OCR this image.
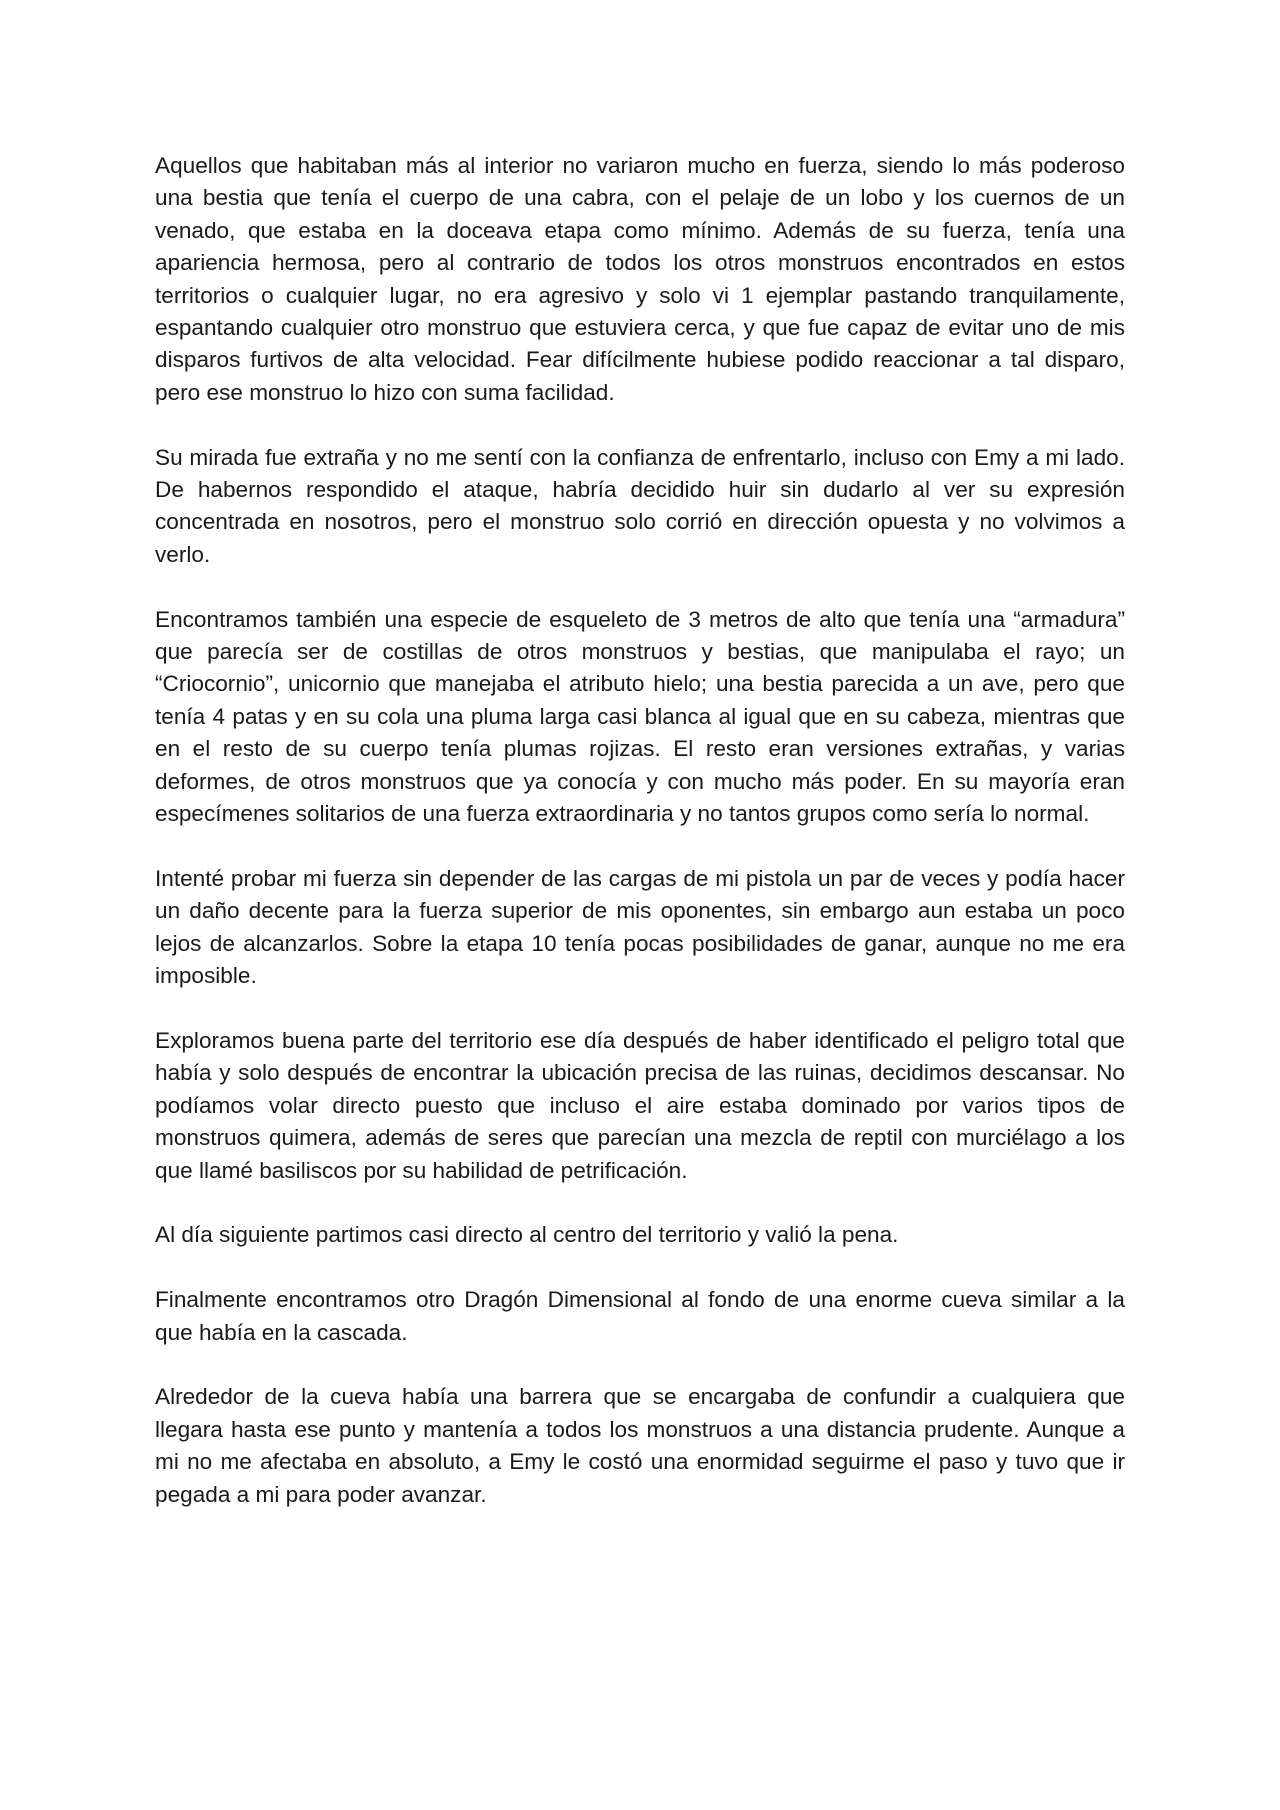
Aquellos que habitaban más al interior no variaron mucho en fuerza, siendo lo más poderoso una bestia que tenía el cuerpo de una cabra, con el pelaje de un lobo y los cuernos de un venado, que estaba en la doceava etapa como mínimo. Además de su fuerza, tenía una apariencia hermosa, pero al contrario de todos los otros monstruos encontrados en estos territorios o cualquier lugar, no era agresivo y solo vi 1 ejemplar pastando tranquilamente, espantando cualquier otro monstruo que estuviera cerca, y que fue capaz de evitar uno de mis disparos furtivos de alta velocidad. Fear difícilmente hubiese podido reaccionar a tal disparo, pero ese monstruo lo hizo con suma facilidad.

Su mirada fue extraña y no me sentí con la confianza de enfrentarlo, incluso con Emy a mi lado. De habernos respondido el ataque, habría decidido huir sin dudarlo al ver su expresión concentrada en nosotros, pero el monstruo solo corrió en dirección opuesta y no volvimos a verlo.

Encontramos también una especie de esqueleto de 3 metros de alto que tenía una “armadura” que parecía ser de costillas de otros monstruos y bestias, que manipulaba el rayo; un “Criocornio”, unicornio que manejaba el atributo hielo; una bestia parecida a un ave, pero que tenía 4 patas y en su cola una pluma larga casi blanca al igual que en su cabeza, mientras que en el resto de su cuerpo tenía plumas rojizas. El resto eran versiones extrañas, y varias deformes, de otros monstruos que ya conocía y con mucho más poder. En su mayoría eran especímenes solitarios de una fuerza extraordinaria y no tantos grupos como sería lo normal.

Intenté probar mi fuerza sin depender de las cargas de mi pistola un par de veces y podía hacer un daño decente para la fuerza superior de mis oponentes, sin embargo aun estaba un poco lejos de alcanzarlos. Sobre la etapa 10 tenía pocas posibilidades de ganar, aunque no me era imposible.

Exploramos buena parte del territorio ese día después de haber identificado el peligro total que había y solo después de encontrar la ubicación precisa de las ruinas, decidimos descansar. No podíamos volar directo puesto que incluso el aire estaba dominado por varios tipos de monstruos quimera, además de seres que parecían una mezcla de reptil con murciélago a los que llamé basiliscos por su habilidad de petrificación.

Al día siguiente partimos casi directo al centro del territorio y valió la pena.

Finalmente encontramos otro Dragón Dimensional al fondo de una enorme cueva similar a la que había en la cascada.

Alrededor de la cueva había una barrera que se encargaba de confundir a cualquiera que llegara hasta ese punto y mantenía a todos los monstruos a una distancia prudente. Aunque a mi no me afectaba en absoluto, a Emy le costó una enormidad seguirme el paso y tuvo que ir pegada a mi para poder avanzar.
